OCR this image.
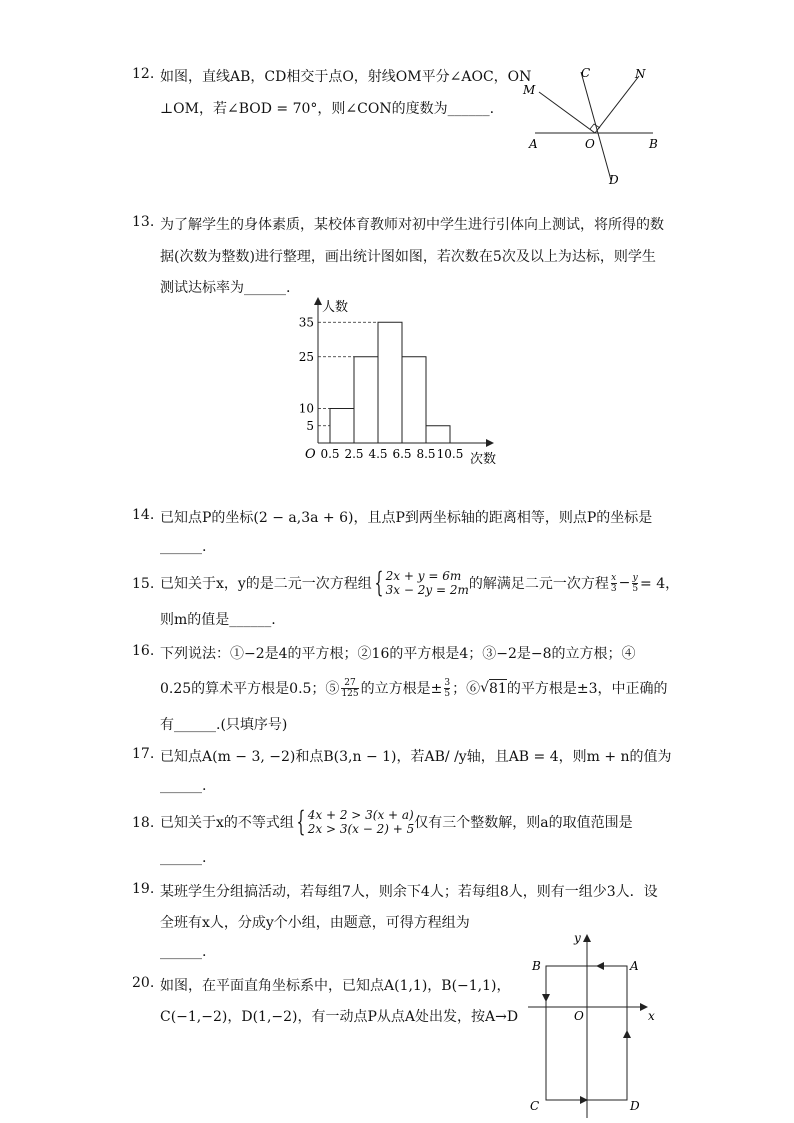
12. 如图，直线AB，CD相交于点O，射线OM平分∠AOC，ON
⊥OM，若∠BOD = 70°，则∠CON的度数为______.
M
C	N
A	O	B
D
13. 为了解学生的身体素质，某校体育教师对初中学生进行引体向上测试，将所得的数
据(次数为整数)进行整理，画出统计图如图，若次数在5次及以上为达标，则学生
测试达标率为______.
人数
次数
O
5
10
25
35
0.5 2.5 4.5 6.5 8.5 10.5
14. 已知点P的坐标(2 − a,3a + 6)，且点P到两坐标轴的距离相等，则点P的坐标是
______.
15. 已知关于x，y的是二元一次方程组 { 2x + y = 6m
3x − 2y = 2m 的解满足二元一次方程 $\frac{x}{3} - \frac{y}{5} = 4$，
则m的值是______.
16. 下列说法：①−2是4的平方根；②16的平方根是4；③−2是−8的立方根；④
0.25的算术平方根是0.5；⑤ $\frac{27}{125}$ 的立方根是± $\frac{3}{5}$ ；⑥ √ 81 的平方根是±3，中正确的
有______.(只填序号)
17. 已知点A(m − 3, −2)和点B(3,n − 1)，若AB/ /y轴，且AB = 4，则m + n的值为
______.
18. 已知关于x的不等式组 { 4x + 2 > 3(x + a)
2x > 3(x − 2) + 5 仅有三个整数解，则a的取值范围是
______.
19. 某班学生分组搞活动，若每组7人，则余下4人；若每组8人，则有一组少3人．设
全班有x人，分成y个小组，由题意，可得方程组为
______.
20. 如图，在平面直角坐标系中，已知点A(1,1)，B(−1,1)，
C(−1,−2)，D(1,−2)，有一动点P从点A处出发，按A→D
y
x
O
A
B
C	D
